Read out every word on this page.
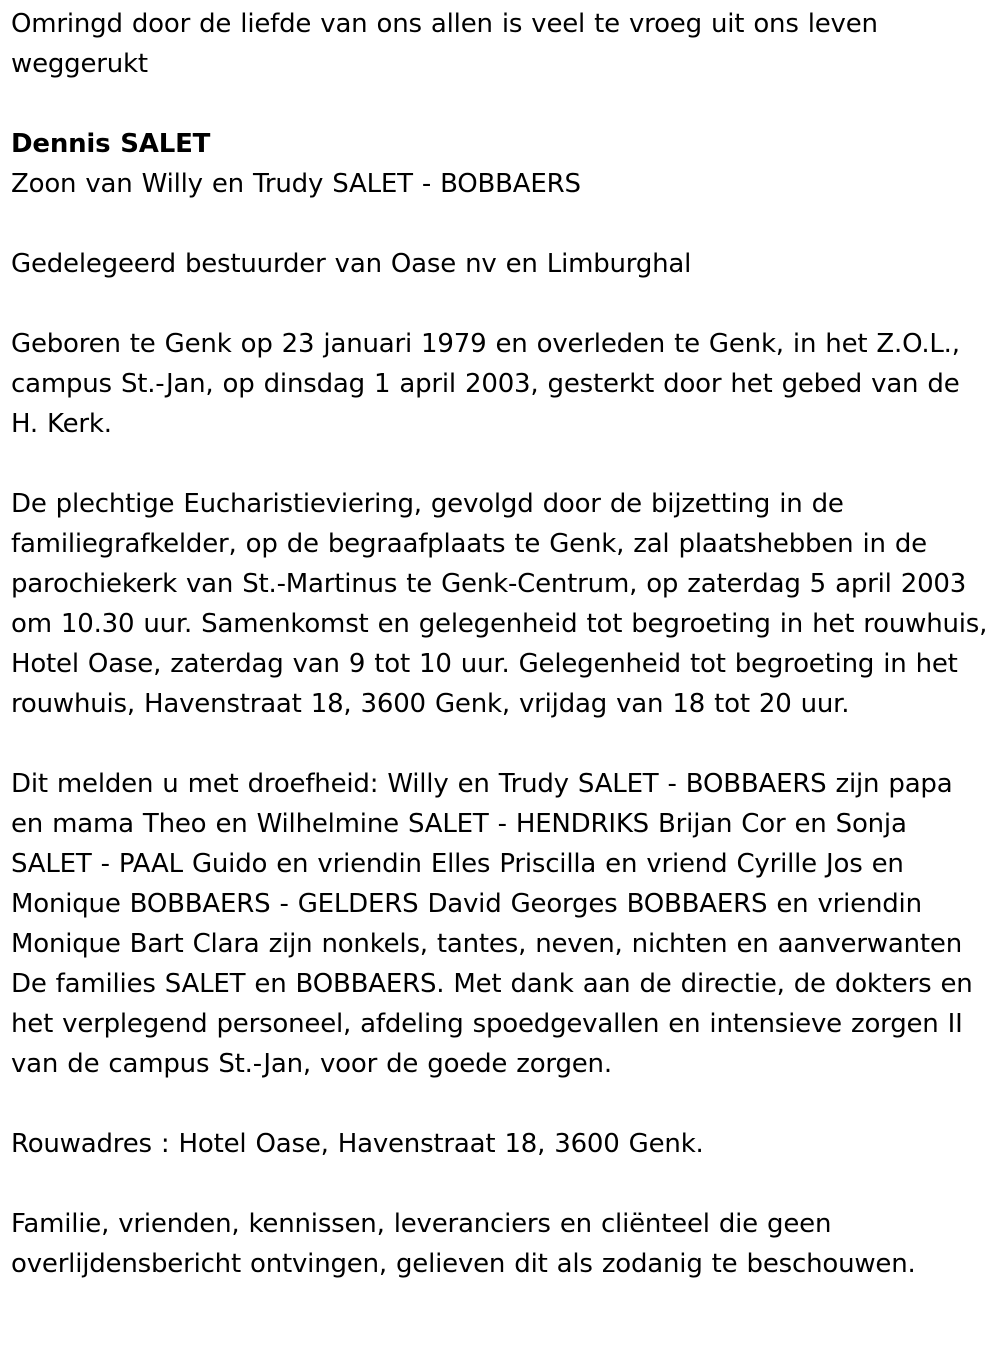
Omringd door de liefde van ons allen is veel te vroeg uit ons leven weggerukt

Dennis SALET

Zoon van Willy en Trudy SALET - BOBBAERS

Gedelegeerd bestuurder van Oase nv en Limburghal

Geboren te Genk op 23 januari 1979 en overleden te Genk, in het Z.O.L., campus St.-Jan, op dinsdag 1 april 2003, gesterkt door het gebed van de H. Kerk.

De plechtige Eucharistieviering, gevolgd door de bijzetting in de familiegrafkelder, op de begraafplaats te Genk, zal plaatshebben in de parochiekerk van St.-Martinus te Genk-Centrum, op zaterdag 5 april 2003 om 10.30 uur. Samenkomst en gelegenheid tot begroeting in het rouwhuis, Hotel Oase, zaterdag van 9 tot 10 uur. Gelegenheid tot begroeting in het rouwhuis, Havenstraat 18, 3600 Genk, vrijdag van 18 tot 20 uur.

Dit melden u met droefheid: Willy en Trudy SALET - BOBBAERS zijn papa en mama Theo en Wilhelmine SALET - HENDRIKS Brijan Cor en Sonja SALET - PAAL Guido en vriendin Elles Priscilla en vriend Cyrille Jos en Monique BOBBAERS - GELDERS David Georges BOBBAERS en vriendin Monique Bart Clara zijn nonkels, tantes, neven, nichten en aanverwanten De families SALET en BOBBAERS. Met dank aan de directie, de dokters en het verplegend personeel, afdeling spoedgevallen en intensieve zorgen II van de campus St.-Jan, voor de goede zorgen.

Rouwadres : Hotel Oase, Havenstraat 18, 3600 Genk.

Familie, vrienden, kennissen, leveranciers en cliënteel die geen overlijdensbericht ontvingen, gelieven dit als zodanig te beschouwen.
